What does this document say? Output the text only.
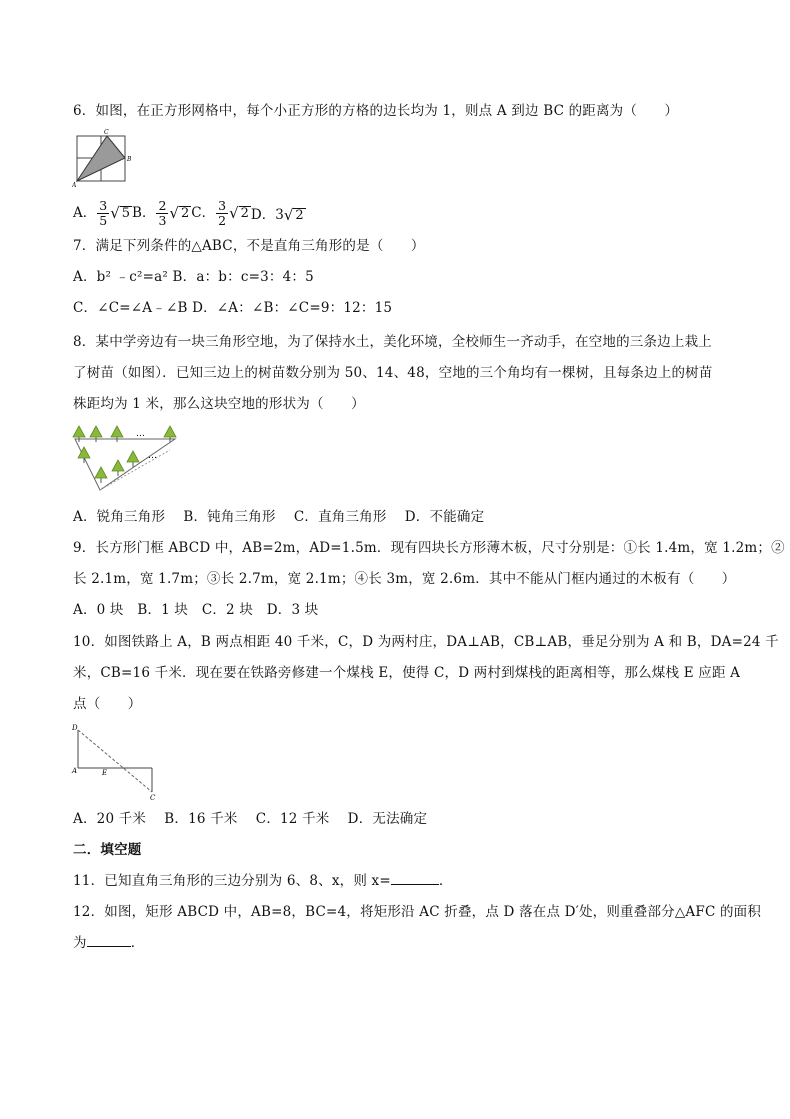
6．如图，在正方形网格中，每个小正方形的方格的边长均为 1，则点 A 到边 BC 的距离为（　　）
A
B
C
A． $\frac{3}{5}$ √ 5 B． $\frac{2}{3}$ √ 2 C． $\frac{3}{2}$ √ 2 D．3 √ 2
7．满足下列条件的△ABC，不是直角三角形的是（　　）
A．b² ﹣c²=a² B．a：b：c=3：4：5
C．∠C=∠A﹣∠B D．∠A：∠B：∠C=9：12：15
8．某中学旁边有一块三角形空地，为了保持水土，美化环境，全校师生一齐动手，在空地的三条边上栽上
了树苗（如图）．已知三边上的树苗数分别为 50、14、48，空地的三个角均有一棵树，且每条边上的树苗
株距均为 1 米，那么这块空地的形状为（　　）
…
…
A．锐角三角形　 B．钝角三角形　 C．直角三角形　 D．不能确定
9．长方形门框 ABCD 中，AB=2m，AD=1.5m．现有四块长方形薄木板，尺寸分别是：①长 1.4m，宽 1.2m；②
长 2.1m，宽 1.7m；③长 2.7m，宽 2.1m；④长 3m，宽 2.6m．其中不能从门框内通过的木板有（　　）
A．0 块　B．1 块　C．2 块　D．3 块
10．如图铁路上 A，B 两点相距 40 千米，C，D 为两村庄，DA⊥AB，CB⊥AB，垂足分别为 A 和 B，DA=24 千
米，CB=16 千米．现在要在铁路旁修建一个煤栈 E，使得 C，D 两村到煤栈的距离相等，那么煤栈 E 应距 A
点（　　）
D
A	E
C
A．20 千米　 B．16 千米　 C．12 千米　 D．无法确定
二．填空题
11．已知直角三角形的三边分别为 6、8、x，则 x=	．
12．如图，矩形 ABCD 中，AB=8，BC=4，将矩形沿 AC 折叠，点 D 落在点 D′处，则重叠部分△AFC 的面积
为	．
